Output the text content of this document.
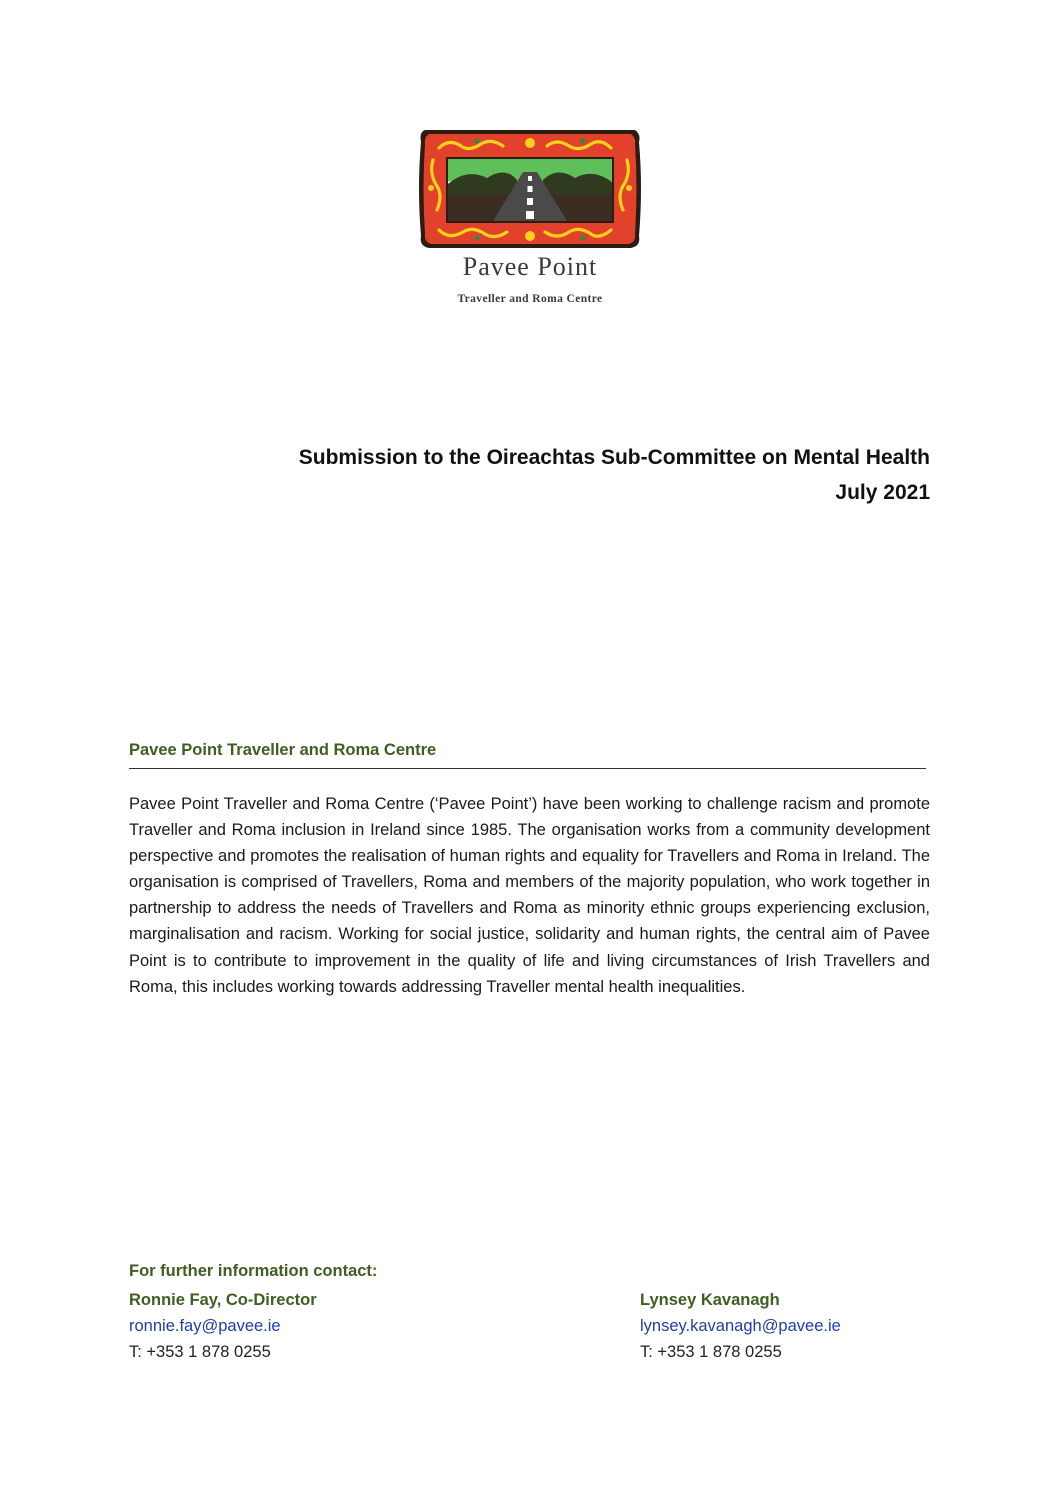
Pavee Point
Traveller and Roma Centre
Submission to the Oireachtas Sub-Committee on Mental Health
July 2021
Pavee Point Traveller and Roma Centre
Pavee Point Traveller and Roma Centre (‘Pavee Point’) have been working to challenge racism and promote Traveller and Roma inclusion in Ireland since 1985. The organisation works from a community development perspective and promotes the realisation of human rights and equality for Travellers and Roma in Ireland. The organisation is comprised of Travellers, Roma and members of the majority population, who work together in partnership to address the needs of Travellers and Roma as minority ethnic groups experiencing exclusion, marginalisation and racism. Working for social justice, solidarity and human rights, the central aim of Pavee Point is to contribute to improvement in the quality of life and living circumstances of Irish Travellers and Roma, this includes working towards addressing Traveller mental health inequalities.
For further information contact:
Ronnie Fay, Co-Director
ronnie.fay@pavee.ie
T: +353 1 878 0255
Lynsey Kavanagh
lynsey.kavanagh@pavee.ie
T: +353 1 878 0255
